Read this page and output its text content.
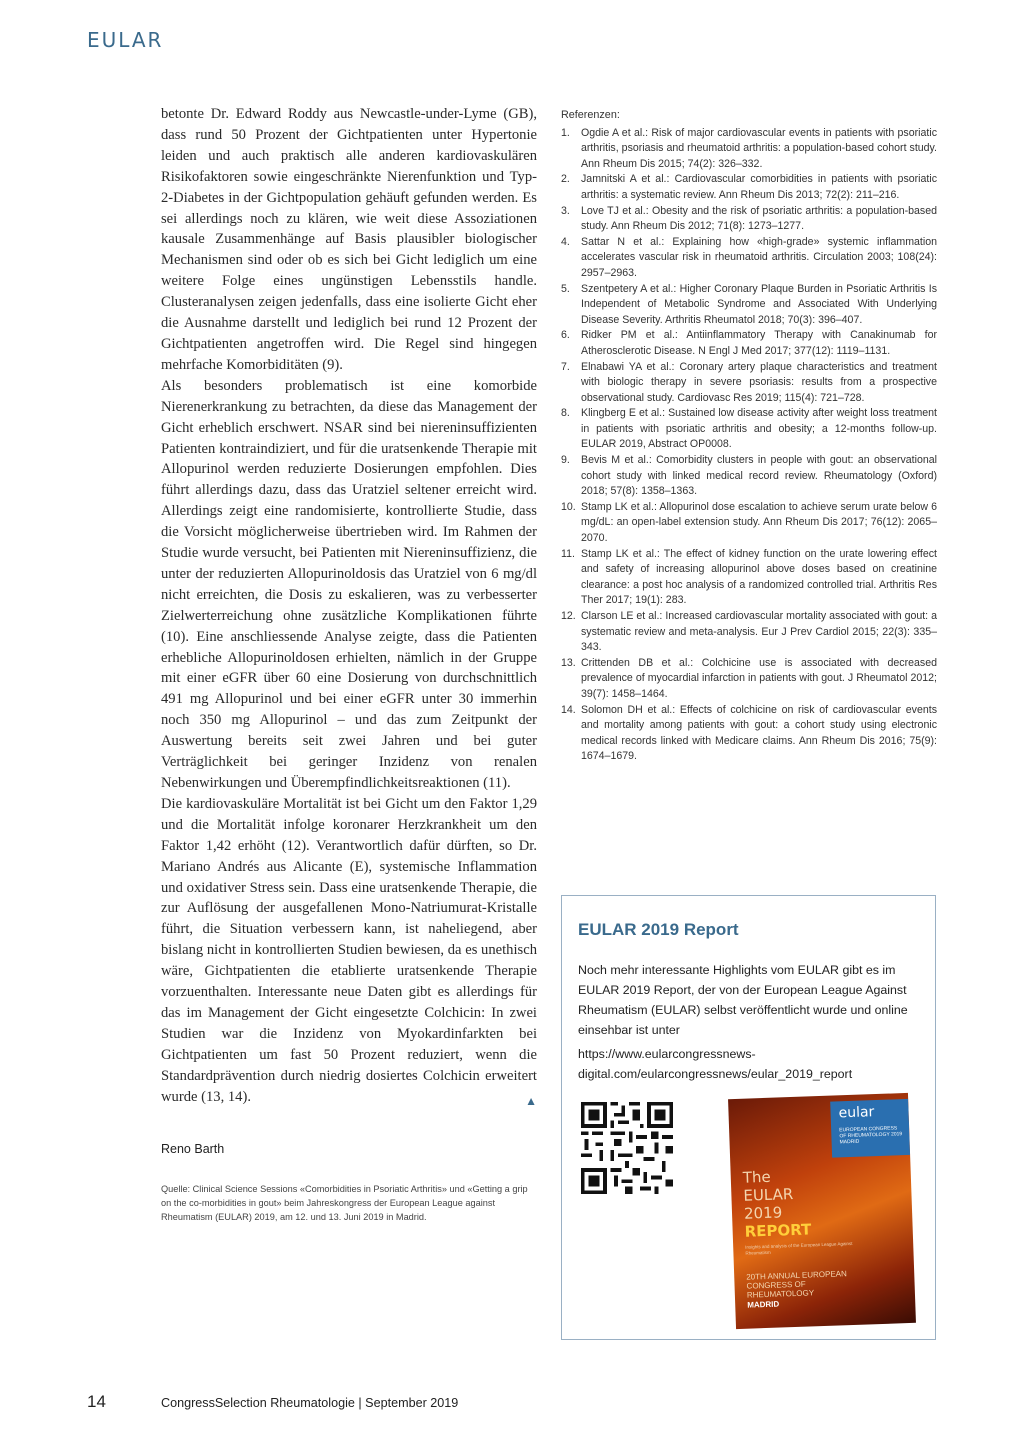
EULAR

betonte Dr. Edward Roddy aus Newcastle-under-Lyme (GB), dass rund 50 Prozent der Gichtpatienten unter Hypertonie leiden und auch praktisch alle anderen kardiovaskulären Risikofaktoren sowie eingeschränkte Nierenfunktion und Typ-2-Diabetes in der Gichtpopulation gehäuft gefunden werden. Es sei allerdings noch zu klären, wie weit diese Assoziationen kausale Zusammenhänge auf Basis plausibler biologischer Mechanismen sind oder ob es sich bei Gicht lediglich um eine weitere Folge eines ungünstigen Lebensstils handle. Clusteranalysen zeigen jedenfalls, dass eine isolierte Gicht eher die Ausnahme darstellt und lediglich bei rund 12 Prozent der Gichtpatienten angetroffen wird. Die Regel sind hingegen mehrfache Komorbiditäten (9).

Als besonders problematisch ist eine komorbide Nierenerkrankung zu betrachten, da diese das Management der Gicht erheblich erschwert. NSAR sind bei niereninsuffizienten Patienten kontraindiziert, und für die uratsenkende Therapie mit Allopurinol werden reduzierte Dosierungen empfohlen. Dies führt allerdings dazu, dass das Uratziel seltener erreicht wird. Allerdings zeigt eine randomisierte, kontrollierte Studie, dass die Vorsicht möglicherweise übertrieben wird. Im Rahmen der Studie wurde versucht, bei Patienten mit Niereninsuffizienz, die unter der reduzierten Allopurinoldosis das Uratziel von 6 mg/dl nicht erreichten, die Dosis zu eskalieren, was zu verbesserter Zielwerterreichung ohne zusätzliche Komplikationen führte (10). Eine anschliessende Analyse zeigte, dass die Patienten erhebliche Allopurinoldosen erhielten, nämlich in der Gruppe mit einer eGFR über 60 eine Dosierung von durchschnittlich 491 mg Allopurinol und bei einer eGFR unter 30 immerhin noch 350 mg Allopurinol – und das zum Zeitpunkt der Auswertung bereits seit zwei Jahren und bei guter Verträglichkeit bei geringer Inzidenz von renalen Nebenwirkungen und Überempfindlichkeitsreaktionen (11).

Die kardiovaskuläre Mortalität ist bei Gicht um den Faktor 1,29 und die Mortalität infolge koronarer Herzkrankheit um den Faktor 1,42 erhöht (12). Verantwortlich dafür dürften, so Dr. Mariano Andrés aus Alicante (E), systemische Inflammation und oxidativer Stress sein. Dass eine uratsenkende Therapie, die zur Auflösung der ausgefallenen Mono-Natriumurat-Kristalle führt, die Situation verbessern kann, ist naheliegend, aber bislang nicht in kontrollierten Studien bewiesen, da es unethisch wäre, Gichtpatienten die etablierte uratsenkende Therapie vorzuenthalten. Interessante neue Daten gibt es allerdings für das im Management der Gicht eingesetzte Colchicin: In zwei Studien war die Inzidenz von Myokardinfarkten bei Gichtpatienten um fast 50 Prozent reduziert, wenn die Standardprävention durch niedrig dosiertes Colchicin erweitert wurde (13, 14).	▲

Reno Barth
Quelle: Clinical Science Sessions «Comorbidities in Psoriatic Arthritis» und «Getting a grip on the co-morbidities in gout» beim Jahreskongress der European League against Rheumatism (EULAR) 2019, am 12. und 13. Juni 2019 in Madrid.
Referenzen:
1. Ogdie A et al.: Risk of major cardiovascular events in patients with psoriatic arthritis, psoriasis and rheumatoid arthritis: a population-based cohort study. Ann Rheum Dis 2015; 74(2): 326–332.
2. Jamnitski A et al.: Cardiovascular comorbidities in patients with psoriatic arthritis: a systematic review. Ann Rheum Dis 2013; 72(2): 211–216.
3. Love TJ et al.: Obesity and the risk of psoriatic arthritis: a population-based study. Ann Rheum Dis 2012; 71(8): 1273–1277.
4. Sattar N et al.: Explaining how «high-grade» systemic inflammation accelerates vascular risk in rheumatoid arthritis. Circulation 2003; 108(24): 2957–2963.
5. Szentpetery A et al.: Higher Coronary Plaque Burden in Psoriatic Arthritis Is Independent of Metabolic Syndrome and Associated With Underlying Disease Severity. Arthritis Rheumatol 2018; 70(3): 396–407.
6. Ridker PM et al.: Antiinflammatory Therapy with Canakinumab for Atherosclerotic Disease. N Engl J Med 2017; 377(12): 1119–1131.
7. Elnabawi YA et al.: Coronary artery plaque characteristics and treatment with biologic therapy in severe psoriasis: results from a prospective observational study. Cardiovasc Res 2019; 115(4): 721–728.
8. Klingberg E et al.: Sustained low disease activity after weight loss treatment in patients with psoriatic arthritis and obesity; a 12-months follow-up. EULAR 2019, Abstract OP0008.
9. Bevis M et al.: Comorbidity clusters in people with gout: an observational cohort study with linked medical record review. Rheumatology (Oxford) 2018; 57(8): 1358–1363.
10. Stamp LK et al.: Allopurinol dose escalation to achieve serum urate below 6 mg/dL: an open-label extension study. Ann Rheum Dis 2017; 76(12): 2065–2070.
11. Stamp LK et al.: The effect of kidney function on the urate lowering effect and safety of increasing allopurinol above doses based on creatinine clearance: a post hoc analysis of a randomized controlled trial. Arthritis Res Ther 2017; 19(1): 283.
12. Clarson LE et al.: Increased cardiovascular mortality associated with gout: a systematic review and meta-analysis. Eur J Prev Cardiol 2015; 22(3): 335–343.
13. Crittenden DB et al.: Colchicine use is associated with decreased prevalence of myocardial infarction in patients with gout. J Rheumatol 2012; 39(7): 1458–1464.
14. Solomon DH et al.: Effects of colchicine on risk of cardiovascular events and mortality among patients with gout: a cohort study using electronic medical records linked with Medicare claims. Ann Rheum Dis 2016; 75(9): 1674–1679.
EULAR 2019 Report
Noch mehr interessante Highlights vom EULAR gibt es im EULAR 2019 Report, der von der European League Against Rheumatism (EULAR) selbst veröffentlicht wurde und online einsehbar ist unter
https://www.eularcongressnews-digital.com/eularcongressnews/eular_2019_report
eular
EUROPEAN CONGRESS OF RHEUMATOLOGY 2019 MADRID
The
EULAR
2019
REPORT
Insights and analysis of the European League Against Rheumatism
20TH ANNUAL EUROPEAN CONGRESS OF RHEUMATOLOGY
MADRID
14	CongressSelection Rheumatologie | September 2019
